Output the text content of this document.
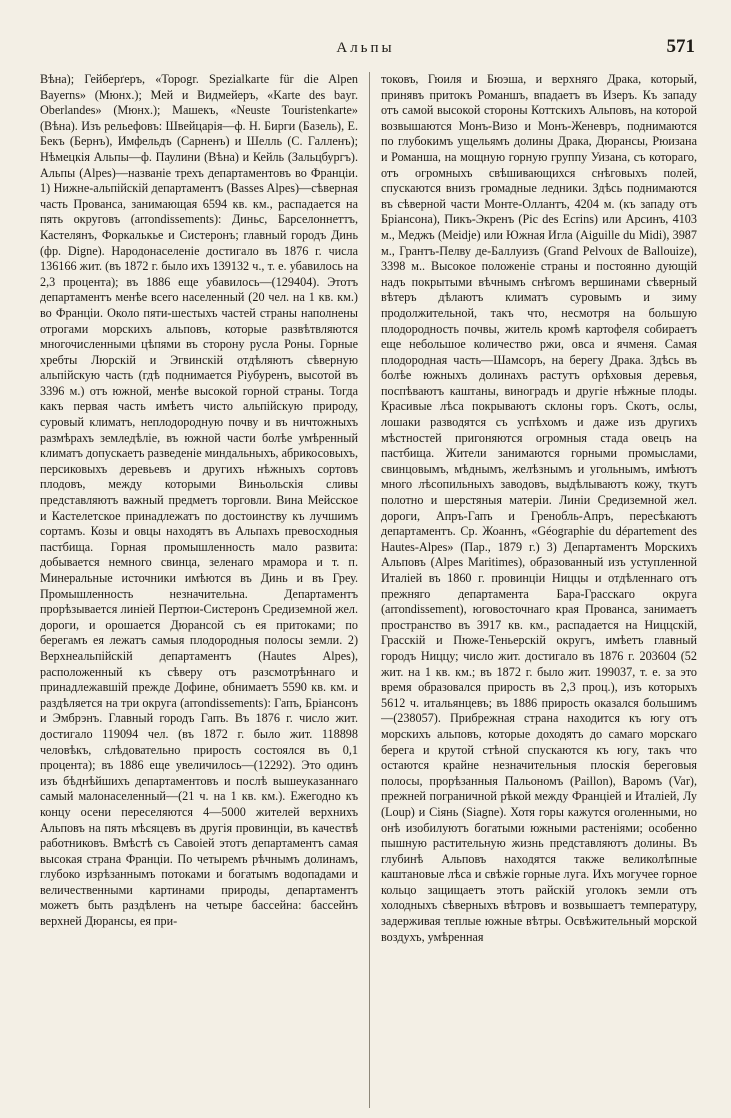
Альпы	571

Вѣна); Гейберґеръ, «Topogr. Spezialkarte für die Alpen Bayerns» (Мюнх.); Мей и Видмейеръ, «Karte des bayr. Oberlandes» (Мюнх.); Машекъ, «Neuste Touristenkarte» (Вѣна). Изъ рельефовъ: Швейцарія—ф. Н. Бирги (Базель), Е. Бекъ (Бернъ), Имфельдъ (Сарненъ) и Шелль (С. Галленъ); Нѣмецкія Альпы—ф. Паулини (Вѣна) и Кейль (Зальцбургъ). Альпы (Alpes)—названіе трехъ департаментовъ во Франціи. 1) Нижне-альпійскій департаментъ (Basses Alpes)—сѣверная часть Прованса, занимающая 6594 кв. км., распадается на пять округовъ (arrondissements): Диньс, Барселоннеттъ, Кастелянъ, Форкалькье и Систеронъ; главный городъ Динь (фр. Digne). Народонаселеніе достигало въ 1876 г. числа 136166 жит. (въ 1872 г. было ихъ 139132 ч., т. е. убавилось на 2,3 процента); въ 1886 еще убавилось—(129404). Этотъ департаментъ менѣе всего населенный (20 чел. на 1 кв. км.) во Франціи. Около пяти-шестыхъ частей страны наполнены отрогами морскихъ альповъ, которые развѣтвляются многочисленными цѣпями въ сторону русла Роны. Горные хребты Люрскій и Эгвинскій отдѣляютъ сѣверную альпійскую часть (гдѣ поднимается Ріубуренъ, высотой въ 3396 м.) отъ южной, менѣе высокой горной страны. Тогда какъ первая часть имѣетъ чисто альпійскую природу, суровый климатъ, неплодородную почву и въ ничтожныхъ размѣрахъ земледѣліе, въ южной части болѣе умѣренный климатъ допускаетъ разведеніе миндальныхъ, абрикосовыхъ, персиковыхъ деревьевъ и другихъ нѣжныхъ сортовъ плодовъ, между которыми Виньольскія сливы представляютъ важный предметъ торговли. Вина Мейсское и Кастелетское принадлежатъ по достоинству къ лучшимъ сортамъ. Козы и овцы находятъ въ Альпахъ превосходныя пастбища. Горная промышленность мало развита: добывается немного свинца, зеленаго мрамора и т. п. Минеральные источники имѣются въ Динь и въ Греу. Промышленность незначительна. Департаментъ прорѣзывается линіей Пертюи-Систеронъ Средиземной жел. дороги, и орошается Дюрансой съ ея притоками; по берегамъ ея лежатъ самыя плодородныя полосы земли. 2) Верхнеальпійскій департаментъ (Hautes Alpes), расположенный къ сѣверу отъ разсмотрѣннаго и принадлежавшій прежде Дофине, обнимаетъ 5590 кв. км. и раздѣляется на три округа (arrondissements): Гапъ, Бріансонъ и Эмбрэнъ. Главный городъ Гапъ. Въ 1876 г. число жит. достигало 119094 чел. (въ 1872 г. было жит. 118898 человѣкъ, слѣдовательно прирость состоялся въ 0,1 процента); въ 1886 еще увеличилось—(12292). Это одинъ изъ бѣднѣйшихъ департаментовъ и послѣ вышеуказаннаго самый малонаселенный—(21 ч. на 1 кв. км.). Ежегодно къ концу осени переселяются 4—5000 жителей верхнихъ Альповъ на пять мѣсяцевъ въ другія провинціи, въ качествѣ работниковъ. Вмѣстѣ съ Савоіей этотъ департаментъ самая высокая страна Франціи. По четыремъ рѣчнымъ долинамъ, глубоко изрѣзаннымъ потоками и богатымъ водопадами и величественными картинами природы, департаментъ можетъ быть раздѣленъ на четыре бассейна: бассейнъ верхней Дюрансы, ея при-

токовъ, Гюиля и Бюэша, и верхняго Драка, который, принявъ притокъ Романшъ, впадаетъ въ Изеръ. Къ западу отъ самой высокой стороны Коттскихъ Альповъ, на которой возвышаются Монъ-Визо и Монъ-Женевръ, поднимаются по глубокимъ ущельямъ долины Драка, Дюрансы, Рюизана и Романша, на мощную горную группу Уизана, съ котораго, отъ огромныхъ свѣшивающихся снѣговыхъ полей, спускаются внизъ громадные ледники. Здѣсь поднимаются въ сѣверной части Монте-Оллантъ, 4204 м. (къ западу отъ Бріансона), Пикъ-Экренъ (Pic des Ecrins) или Арсинъ, 4103 м., Меджъ (Meidje) или Южная Игла (Aiguille du Midi), 3987 м., Грантъ-Пелву де-Баллуизъ (Grand Pelvoux de Ballouize), 3398 м.. Высокое положеніе страны и постоянно дующій надъ покрытыми вѣчнымъ снѣгомъ вершинами сѣверный вѣтеръ дѣлаютъ климатъ суровымъ и зиму продолжительной, такъ что, несмотря на большую плодородность почвы, житель кромѣ картофеля собираетъ еще небольшое количество ржи, овса и ячменя. Самая плодородная часть—Шамсоръ, на берегу Драка. Здѣсь въ болѣе южныхъ долинахъ растутъ орѣховыя деревья, поспѣваютъ каштаны, виноградъ и другіе нѣжные плоды. Красивые лѣса покрываютъ склоны горъ. Скотъ, ослы, лошаки разводятся съ успѣхомъ и даже изъ другихъ мѣстностей пригоняются огромныя стада овецъ на пастбища. Жители занимаются горными промыслами, свинцовымъ, мѣднымъ, желѣзнымъ и угольнымъ, имѣютъ много лѣсопильныхъ заводовъ, выдѣлываютъ кожу, ткутъ полотно и шерстяныя матеріи. Линіи Средиземной жел. дороги, Апръ-Гапъ и Гренобль-Апръ, пересѣкаютъ департаментъ. Ср. Жоаннъ, «Géographie du département des Hautes-Alpes» (Пар., 1879 г.) 3) Департаментъ Морскихъ Альповъ (Alpes Maritimes), образованный изъ уступленной Италіей въ 1860 г. провинціи Ниццы и отдѣленнаго отъ прежняго департамента Бара-Грасскаго округа (arrondissement), юговосточнаго края Прованса, занимаетъ пространство въ 3917 кв. км., распадается на Ниццскій, Грасскій и Пюже-Теньерскій округъ, имѣетъ главный городъ Ниццу; число жит. достигало въ 1876 г. 203604 (52 жит. на 1 кв. км.; въ 1872 г. было жит. 199037, т. е. за это время образовался прирость въ 2,3 проц.), изъ которыхъ 5612 ч. итальянцевъ; въ 1886 прирость оказался большимъ—(238057). Прибрежная страна находится къ югу отъ морскихъ альповъ, которые доходятъ до самаго морскаго берега и крутой стѣной спускаются къ югу, такъ что остаются крайне незначительныя плоскія береговыя полосы, прорѣзанныя Пальономъ (Paillon), Варомъ (Var), прежней пограничной рѣкой между Франціей и Италіей, Лу (Loup) и Сіянь (Siagne). Хотя горы кажутся оголенными, но онѣ изобилуютъ богатыми южными растеніями; особенно пышную растительную жизнь представляютъ долины. Въ глубинѣ Альповъ находятся также великолѣпные каштановые лѣса и свѣжіе горные луга. Ихъ могучее горное кольцо защищаетъ этотъ райскій уголокъ земли отъ холодныхъ сѣверныхъ вѣтровъ и возвышаетъ температуру, задерживая теплые южные вѣтры. Освѣжительный морской воздухъ, умѣренная
